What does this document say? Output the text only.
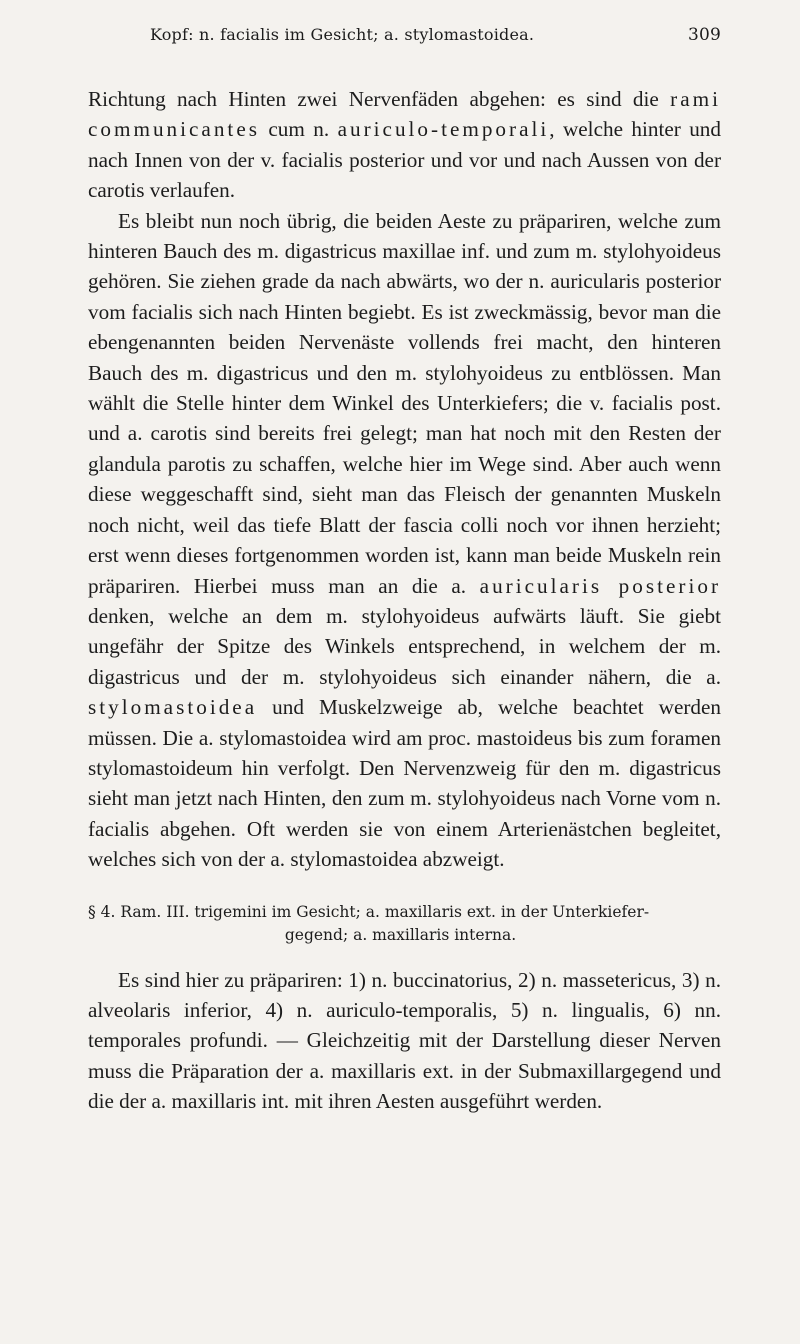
Kopf: n. facialis im Gesicht; a. stylomastoidea.	309

Richtung nach Hinten zwei Nervenfäden abgehen: es sind die rami communicantes cum n. auriculo-temporali, welche hinter und nach Innen von der v. facialis posterior und vor und nach Aussen von der carotis verlaufen.

Es bleibt nun noch übrig, die beiden Aeste zu präpariren, welche zum hinteren Bauch des m. digastricus maxillae inf. und zum m. stylohyoideus gehören. Sie ziehen grade da nach abwärts, wo der n. auricularis posterior vom facialis sich nach Hinten begiebt. Es ist zweckmässig, bevor man die ebengenannten beiden Nervenäste vollends frei macht, den hinteren Bauch des m. digastricus und den m. stylohyoideus zu entblössen. Man wählt die Stelle hinter dem Winkel des Unterkiefers; die v. facialis post. und a. carotis sind bereits frei gelegt; man hat noch mit den Resten der glandula parotis zu schaffen, welche hier im Wege sind. Aber auch wenn diese weggeschafft sind, sieht man das Fleisch der genannten Muskeln noch nicht, weil das tiefe Blatt der fascia colli noch vor ihnen herzieht; erst wenn dieses fortgenommen worden ist, kann man beide Muskeln rein präpariren. Hierbei muss man an die a. auricularis posterior denken, welche an dem m. stylohyoideus aufwärts läuft. Sie giebt ungefähr der Spitze des Winkels entsprechend, in welchem der m. digastricus und der m. stylohyoideus sich einander nähern, die a. stylomastoidea und Muskelzweige ab, welche beachtet werden müssen. Die a. stylomastoidea wird am proc. mastoideus bis zum foramen stylomastoideum hin verfolgt. Den Nervenzweig für den m. digastricus sieht man jetzt nach Hinten, den zum m. stylohyoideus nach Vorne vom n. facialis abgehen. Oft werden sie von einem Arterienästchen begleitet, welches sich von der a. stylomastoidea abzweigt.

§ 4. Ram. III. trigemini im Gesicht; a. maxillaris ext. in der Unterkiefer-
gegend; a. maxillaris interna.

Es sind hier zu präpariren: 1) n. buccinatorius, 2) n. massetericus, 3) n. alveolaris inferior, 4) n. auriculo-temporalis, 5) n. lingualis, 6) nn. temporales profundi. — Gleichzeitig mit der Darstellung dieser Nerven muss die Präparation der a. maxillaris ext. in der Submaxillargegend und die der a. maxillaris int. mit ihren Aesten ausgeführt werden.
